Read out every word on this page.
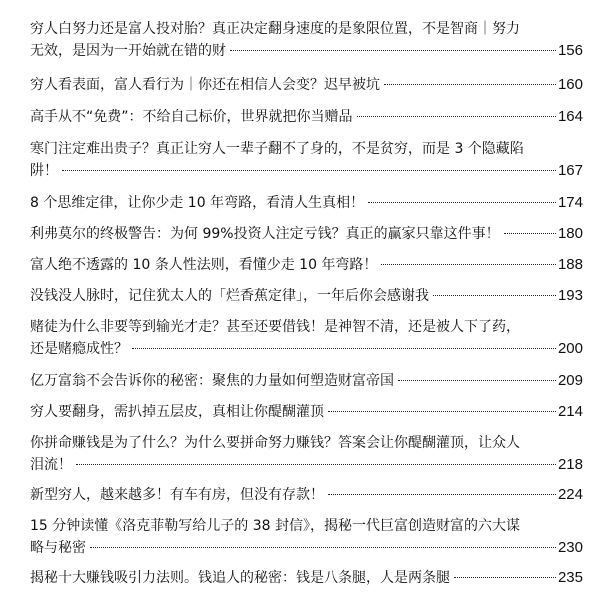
穷人白努力还是富人投对胎？真正决定翻身速度的是象限位置，不是智商｜努力
无效，是因为一开始就在错的财	156
穷人看表面，富人看行为｜你还在相信人会变？迟早被坑	160
高手从不“免费”：不给自己标价，世界就把你当赠品	164
寒门注定难出贵子？真正让穷人一辈子翻不了身的，不是贫穷，而是 3 个隐藏陷
阱！	167
8 个思维定律，让你少走 10 年弯路，看清人生真相！	174
利弗莫尔的终极警告：为何 99%投资人注定亏钱？真正的赢家只靠这件事！	180
富人绝不透露的 10 条人性法则，看懂少走 10 年弯路！	188
没钱没人脉时，记住犹太人的「烂香蕉定律」，一年后你会感谢我	193
赌徒为什么非要等到输光才走？甚至还要借钱！是神智不清，还是被人下了药，
还是赌瘾成性？	200
亿万富翁不会告诉你的秘密：聚焦的力量如何塑造财富帝国	209
穷人要翻身，需扒掉五层皮，真相让你醍醐灌顶	214
你拼命赚钱是为了什么？为什么要拼命努力赚钱？答案会让你醍醐灌顶，让众人
泪流！	218
新型穷人，越来越多！有车有房，但没有存款！	224
15 分钟读懂《洛克菲勒写给儿子的 38 封信》，揭秘一代巨富创造财富的六大谋
略与秘密	230
揭秘十大赚钱吸引力法则。钱追人的秘密：钱是八条腿，人是两条腿	235
